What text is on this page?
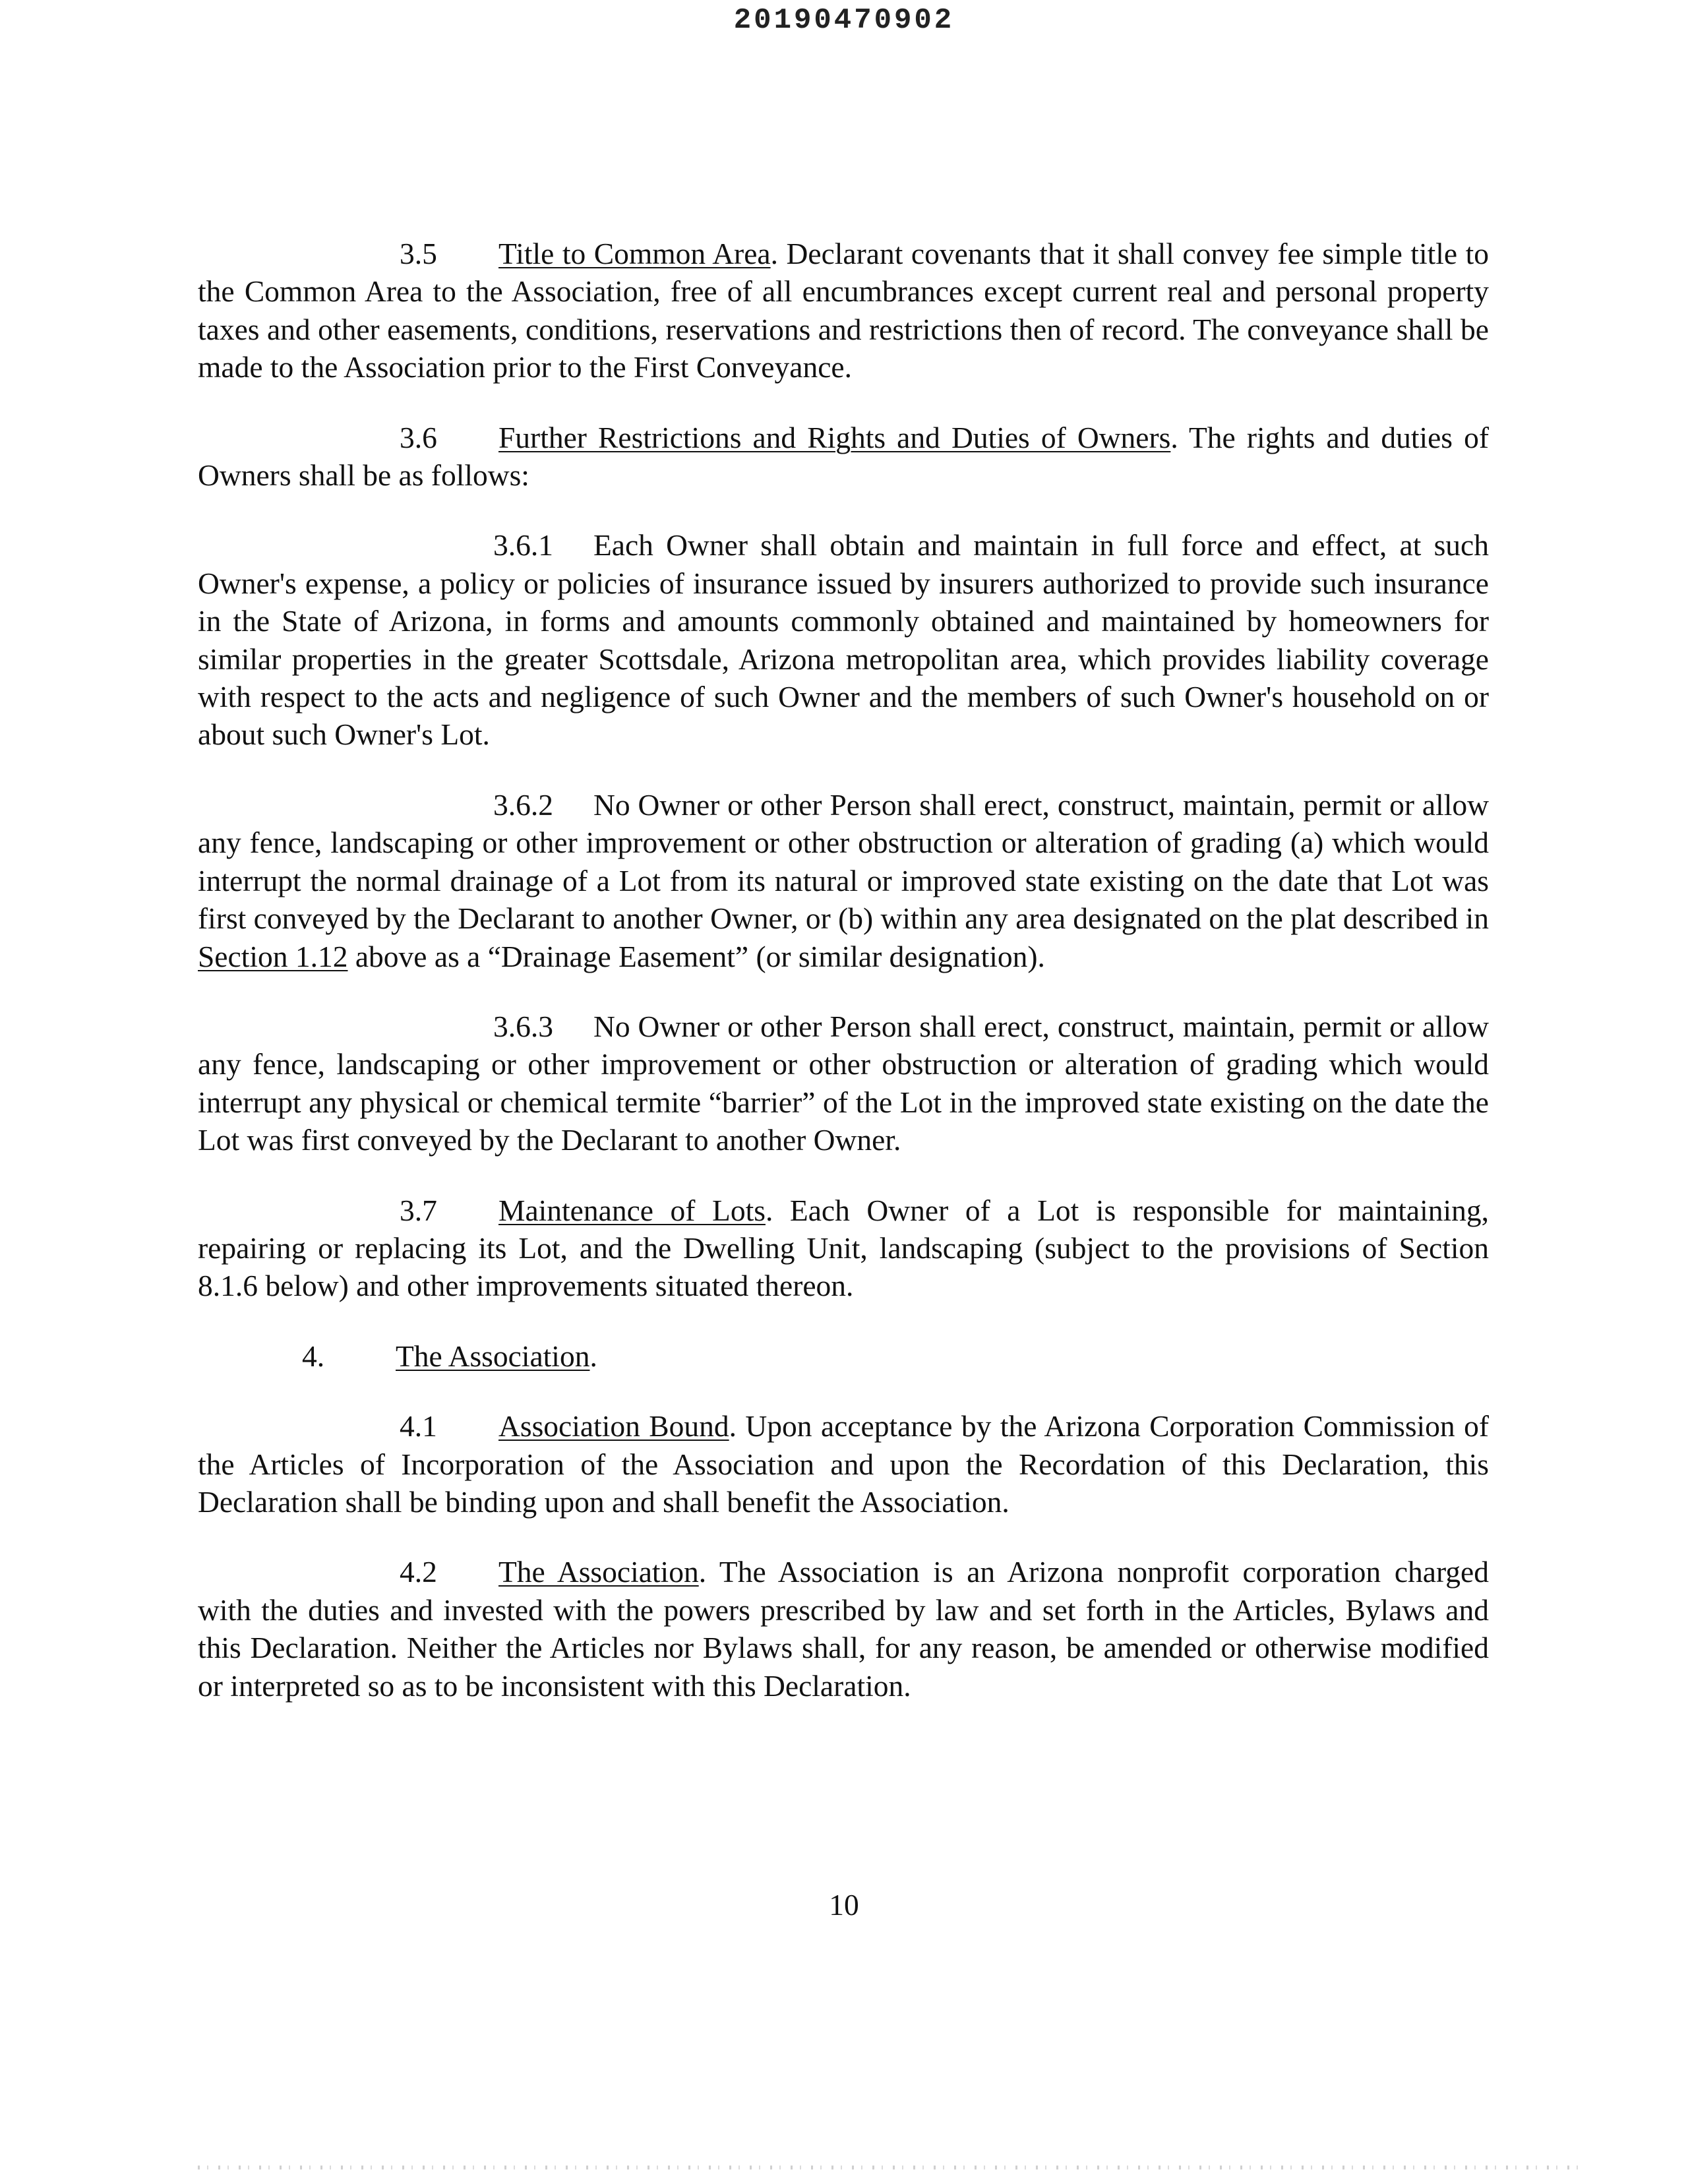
20190470902

3.5 Title to Common Area. Declarant covenants that it shall convey fee simple title to the Common Area to the Association, free of all encumbrances except current real and personal property taxes and other easements, conditions, reservations and restrictions then of record. The conveyance shall be made to the Association prior to the First Conveyance.

3.6 Further Restrictions and Rights and Duties of Owners. The rights and duties of Owners shall be as follows:

3.6.1 Each Owner shall obtain and maintain in full force and effect, at such Owner's expense, a policy or policies of insurance issued by insurers authorized to provide such insurance in the State of Arizona, in forms and amounts commonly obtained and maintained by homeowners for similar properties in the greater Scottsdale, Arizona metropolitan area, which provides liability coverage with respect to the acts and negligence of such Owner and the members of such Owner's household on or about such Owner's Lot.

3.6.2 No Owner or other Person shall erect, construct, maintain, permit or allow any fence, landscaping or other improvement or other obstruction or alteration of grading (a) which would interrupt the normal drainage of a Lot from its natural or improved state existing on the date that Lot was first conveyed by the Declarant to another Owner, or (b) within any area designated on the plat described in Section 1.12 above as a “Drainage Easement” (or similar designation).

3.6.3 No Owner or other Person shall erect, construct, maintain, permit or allow any fence, landscaping or other improvement or other obstruction or alteration of grading which would interrupt any physical or chemical termite “barrier” of the Lot in the improved state existing on the date the Lot was first conveyed by the Declarant to another Owner.

3.7 Maintenance of Lots. Each Owner of a Lot is responsible for maintaining, repairing or replacing its Lot, and the Dwelling Unit, landscaping (subject to the provisions of Section 8.1.6 below) and other improvements situated thereon.

4. The Association.

4.1 Association Bound. Upon acceptance by the Arizona Corporation Commission of the Articles of Incorporation of the Association and upon the Recordation of this Declaration, this Declaration shall be binding upon and shall benefit the Association.

4.2 The Association. The Association is an Arizona nonprofit corporation charged with the duties and invested with the powers prescribed by law and set forth in the Articles, Bylaws and this Declaration. Neither the Articles nor Bylaws shall, for any reason, be amended or otherwise modified or interpreted so as to be inconsistent with this Declaration.

10
